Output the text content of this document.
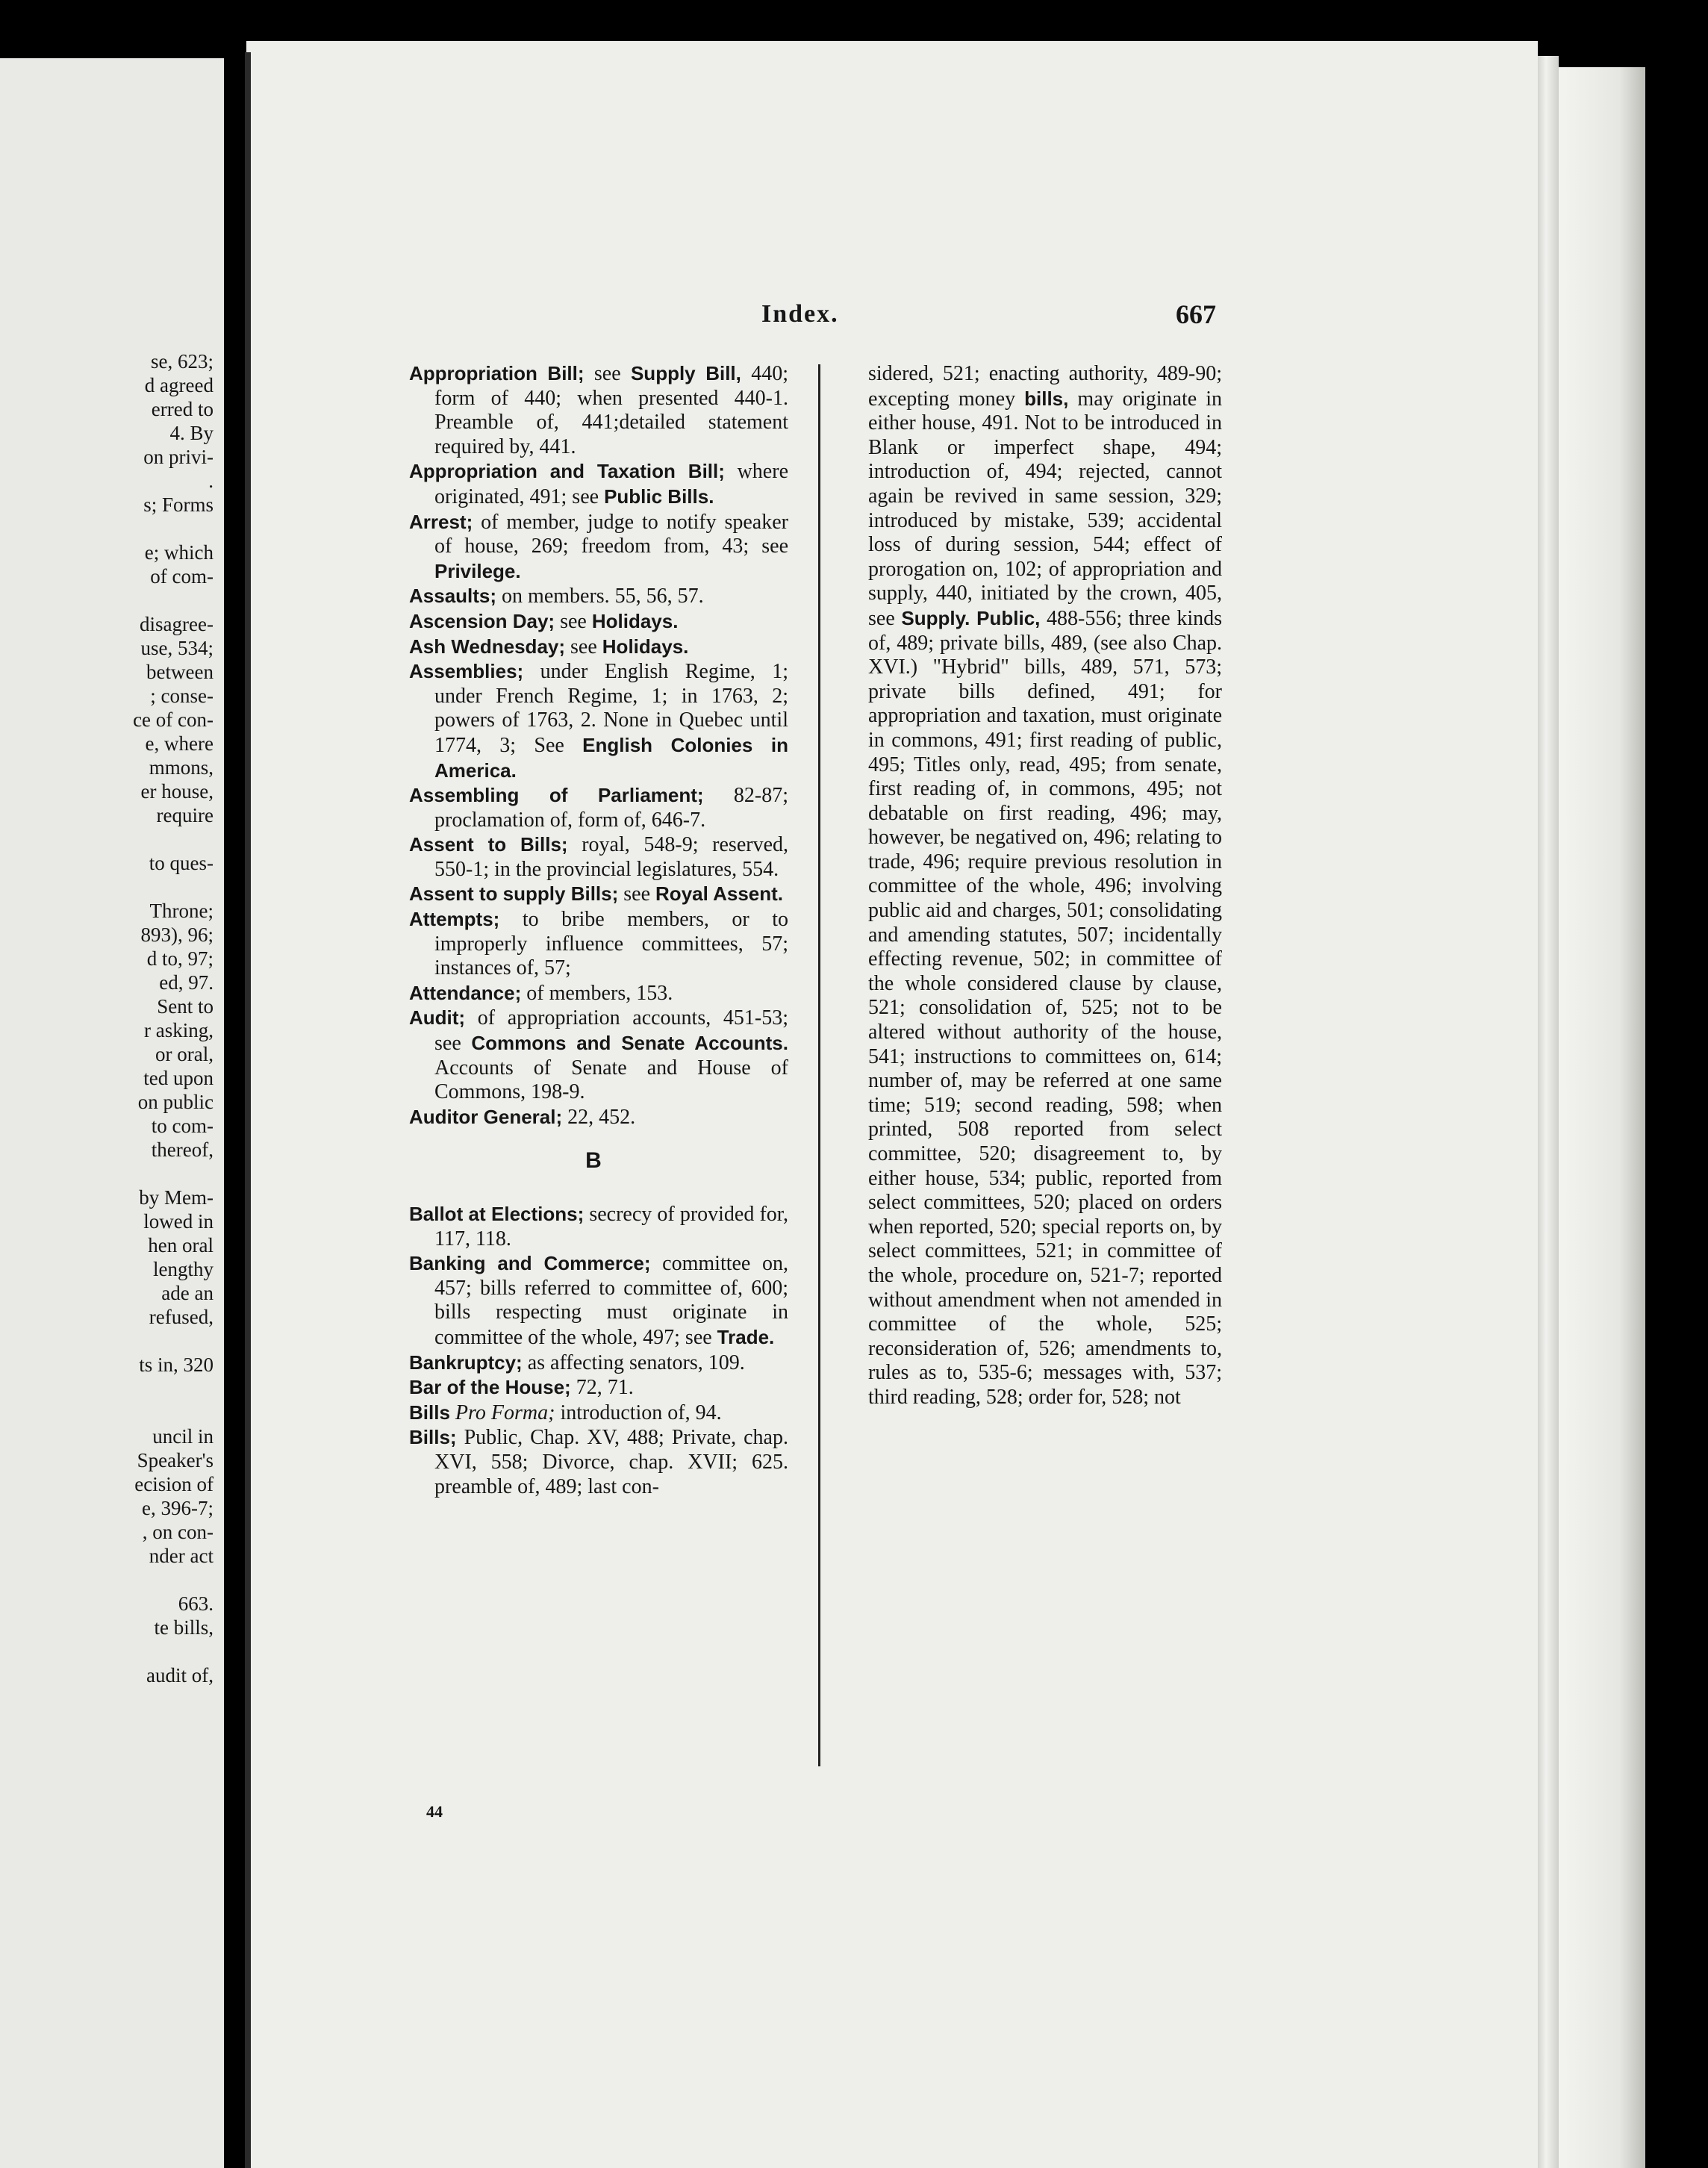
se, 623;
d agreed
erred to
4. By
on privi-
.
s; Forms
e; which
of com-
disagree-
use, 534;
between
; conse-
ce of con-
e, where
mmons,
er house,
require
to ques-
Throne;
893), 96;
d to, 97;
ed, 97.
Sent to
r asking,
or oral,
ted upon
on public
to com-
thereof,
by Mem-
lowed in
hen oral
lengthy
ade an
refused,
ts in, 320
uncil in
Speaker's
ecision of
e, 396-7;
, on con-
nder act
663.
te bills,
audit of,
Index.	667

Appropriation Bill; see Supply Bill, 440; form of 440; when presented 440-1. Preamble of, 441;detailed statement required by, 441.

Appropriation and Taxation Bill; where originated, 491; see Public Bills.

Arrest; of member, judge to notify speaker of house, 269; freedom from, 43; see Privilege.

Assaults; on members. 55, 56, 57.

Ascension Day; see Holidays.

Ash Wednesday; see Holidays.

Assemblies; under English Regime, 1; under French Regime, 1; in 1763, 2; powers of 1763, 2. None in Quebec until 1774, 3; See English Colonies in America.

Assembling of Parliament; 82-87; proclamation of, form of, 646-7.

Assent to Bills; royal, 548-9; reserved, 550-1; in the provincial legislatures, 554.

Assent to supply Bills; see Royal Assent.

Attempts; to bribe members, or to improperly influence committees, 57; instances of, 57;

Attendance; of members, 153.

Audit; of appropriation accounts, 451-53; see Commons and Senate Accounts. Accounts of Senate and House of Commons, 198-9.

Auditor General; 22, 452.

B

Ballot at Elections; secrecy of provided for, 117, 118.

Banking and Commerce; committee on, 457; bills referred to committee of, 600; bills respecting must originate in committee of the whole, 497; see Trade.

Bankruptcy; as affecting senators, 109.

Bar of the House; 72, 71.

Bills Pro Forma; introduction of, 94.

Bills; Public, Chap. XV, 488; Private, chap. XVI, 558; Divorce, chap. XVII; 625. preamble of, 489; last con-

sidered, 521; enacting authority, 489-90; excepting money bills, may originate in either house, 491. Not to be introduced in Blank or imperfect shape, 494; introduction of, 494; rejected, cannot again be revived in same session, 329; introduced by mistake, 539; accidental loss of during session, 544; effect of prorogation on, 102; of appropriation and supply, 440, initiated by the crown, 405, see Supply. Public, 488-556; three kinds of, 489; private bills, 489, (see also Chap. XVI.) "Hybrid" bills, 489, 571, 573; private bills defined, 491; for appropriation and taxation, must originate in commons, 491; first reading of public, 495; Titles only, read, 495; from senate, first reading of, in commons, 495; not debatable on first reading, 496; may, however, be negatived on, 496; relating to trade, 496; require previous resolution in committee of the whole, 496; involving public aid and charges, 501; consolidating and amending statutes, 507; incidentally effecting revenue, 502; in committee of the whole considered clause by clause, 521; consolidation of, 525; not to be altered without authority of the house, 541; instructions to committees on, 614; number of, may be referred at one same time; 519; second reading, 598; when printed, 508 reported from select committee, 520; disagreement to, by either house, 534; public, reported from select committees, 520; placed on orders when reported, 520; special reports on, by select committees, 521; in committee of the whole, procedure on, 521-7; reported without amendment when not amended in committee of the whole, 525; reconsideration of, 526; amendments to, rules as to, 535-6; messages with, 537; third reading, 528; order for, 528; not

44
